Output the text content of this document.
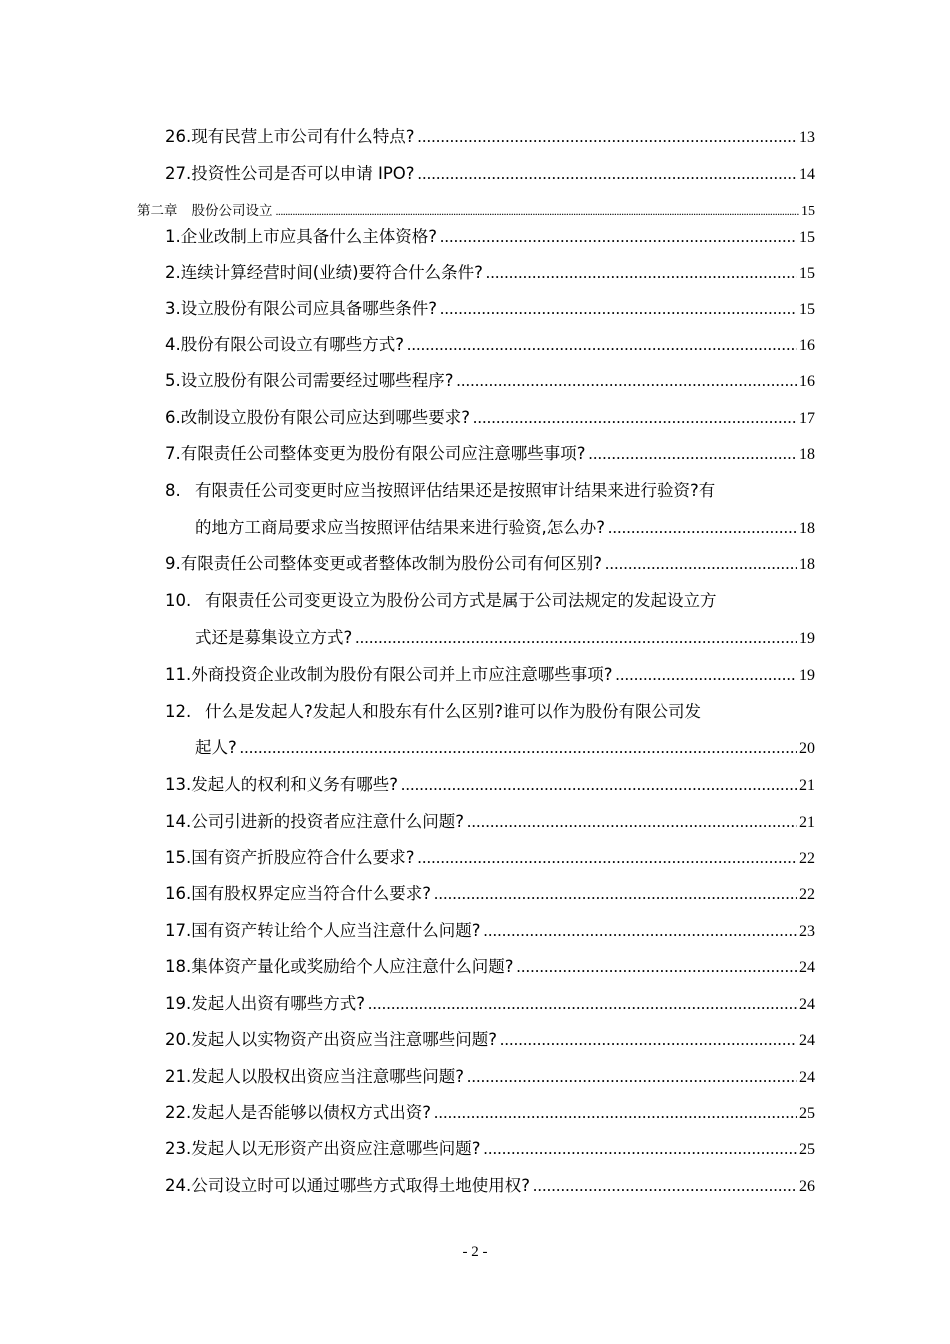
26. 现有民营上市公司有什么特点? .....	13
27. 投资性公司是否可以申请 IPO? .....	14
第二章	股份公司设立 .....	15
1. 企业改制上市应具备什么主体资格? .....	15
2. 连续计算经营时间(业绩)要符合什么条件? .....	15
3. 设立股份有限公司应具备哪些条件? .....	15
4. 股份有限公司设立有哪些方式? .....	16
5. 设立股份有限公司需要经过哪些程序? .....	16
6. 改制设立股份有限公司应达到哪些要求? .....	17
7. 有限责任公司整体变更为股份有限公司应注意哪些事项? .....	18
8. 有限责任公司变更时应当按照评估结果还是按照审计结果来进行验资?有
的地方工商局要求应当按照评估结果来进行验资,怎么办? .....	18
9. 有限责任公司整体变更或者整体改制为股份公司有何区别? .....	18
10. 有限责任公司变更设立为股份公司方式是属于公司法规定的发起设立方
式还是募集设立方式? .....	19
11. 外商投资企业改制为股份有限公司并上市应注意哪些事项? .....	19
12. 什么是发起人?发起人和股东有什么区别?谁可以作为股份有限公司发
起人? .....	20
13. 发起人的权利和义务有哪些? .....	21
14. 公司引进新的投资者应注意什么问题? .....	21
15. 国有资产折股应符合什么要求? .....	22
16. 国有股权界定应当符合什么要求? .....	22
17. 国有资产转让给个人应当注意什么问题? .....	23
18. 集体资产量化或奖励给个人应注意什么问题? .....	24
19. 发起人出资有哪些方式? .....	24
20. 发起人以实物资产出资应当注意哪些问题? .....	24
21. 发起人以股权出资应当注意哪些问题? .....	24
22. 发起人是否能够以债权方式出资? .....	25
23. 发起人以无形资产出资应注意哪些问题? .....	25
24. 公司设立时可以通过哪些方式取得土地使用权? .....	26
- 2 -
